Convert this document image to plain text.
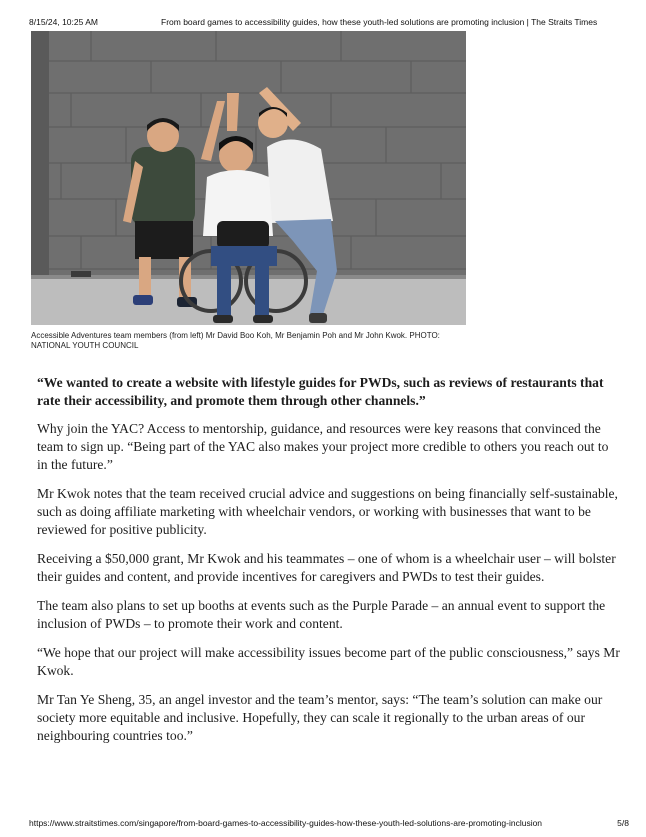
8/15/24, 10:25 AM	From board games to accessibility guides, how these youth-led solutions are promoting inclusion | The Straits Times
Accessible Adventures team members (from left) Mr David Boo Koh, Mr Benjamin Poh and Mr John Kwok. PHOTO: NATIONAL YOUTH COUNCIL

“We wanted to create a website with lifestyle guides for PWDs, such as reviews of restaurants that rate their accessibility, and promote them through other channels.”

Why join the YAC? Access to mentorship, guidance, and resources were key reasons that convinced the team to sign up. “Being part of the YAC also makes your project more credible to others you reach out to in the future.”

Mr Kwok notes that the team received crucial advice and suggestions on being financially self-sustainable, such as doing affiliate marketing with wheelchair vendors, or working with businesses that want to be reviewed for positive publicity.

Receiving a $50,000 grant, Mr Kwok and his teammates – one of whom is a wheelchair user – will bolster their guides and content, and provide incentives for caregivers and PWDs to test their guides.

The team also plans to set up booths at events such as the Purple Parade – an annual event to support the inclusion of PWDs – to promote their work and content.

“We hope that our project will make accessibility issues become part of the public consciousness,” says Mr Kwok.

Mr Tan Ye Sheng, 35, an angel investor and the team’s mentor, says: “The team’s solution can make our society more equitable and inclusive. Hopefully, they can scale it regionally to the urban areas of our neighbouring countries too.”

https://www.straitstimes.com/singapore/from-board-games-to-accessibility-guides-how-these-youth-led-solutions-are-promoting-inclusion	5/8
